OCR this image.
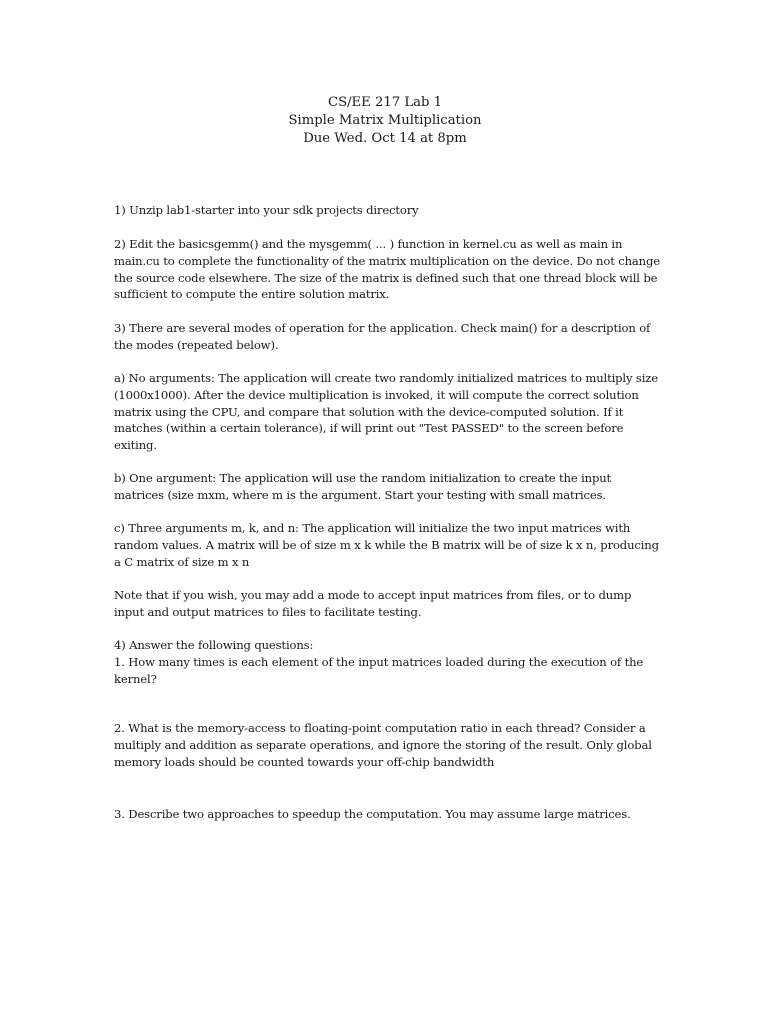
CS/EE 217 Lab 1
Simple Matrix Multiplication
Due Wed. Oct 14 at 8pm

1) Unzip lab1-starter into your sdk projects directory

2) Edit the basicsgemm() and the mysgemm( ... ) function in kernel.cu as well as main in main.cu to complete the functionality of the matrix multiplication on the device. Do not change the source code elsewhere. The size of the matrix is defined such that one thread block will be sufficient to compute the entire solution matrix.

3) There are several modes of operation for the application. Check main() for a description of the modes (repeated below).

a) No arguments: The application will create two randomly initialized matrices to multiply size (1000x1000). After the device multiplication is invoked, it will compute the correct solution matrix using the CPU, and compare that solution with the device-computed solution. If it matches (within a certain tolerance), if will print out "Test PASSED" to the screen before exiting.

b) One argument: The application will use the random initialization to create the input matrices (size mxm, where m is the argument. Start your testing with small matrices.

c) Three arguments m, k, and n: The application will initialize the two input matrices with random values. A matrix will be of size m x k while the B matrix will be of size k x n, producing a C matrix of size m x n

Note that if you wish, you may add a mode to accept input matrices from files, or to dump input and output matrices to files to facilitate testing.

4) Answer the following questions:

1. How many times is each element of the input matrices loaded during the execution of the kernel?

2. What is the memory-access to floating-point computation ratio in each thread? Consider a multiply and addition as separate operations, and ignore the storing of the result. Only global memory loads should be counted towards your off-chip bandwidth

3. Describe two approaches to speedup the computation. You may assume large matrices.
